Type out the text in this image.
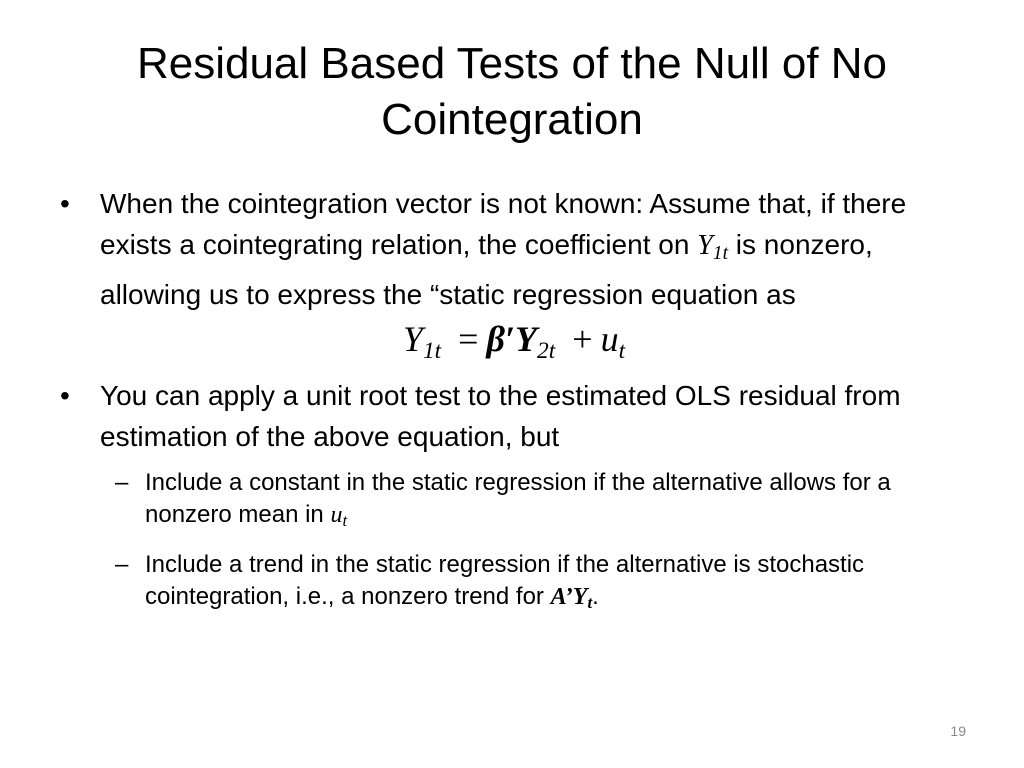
Residual Based Tests of the Null of No Cointegration
• When the cointegration vector is not known: Assume that, if there exists a cointegrating relation, the coefficient on $Y_{1t}$ is nonzero, allowing us to express the “static regression equation as
$Y_{1t} = \beta'Y_{2t} + u_t$
• You can apply a unit root test to the estimated OLS residual from estimation of the above equation, but
– Include a constant in the static regression if the alternative allows for a nonzero mean in $u_t$
– Include a trend in the static regression if the alternative is stochastic cointegration, i.e., a nonzero trend for $A’Y_t$.
19
